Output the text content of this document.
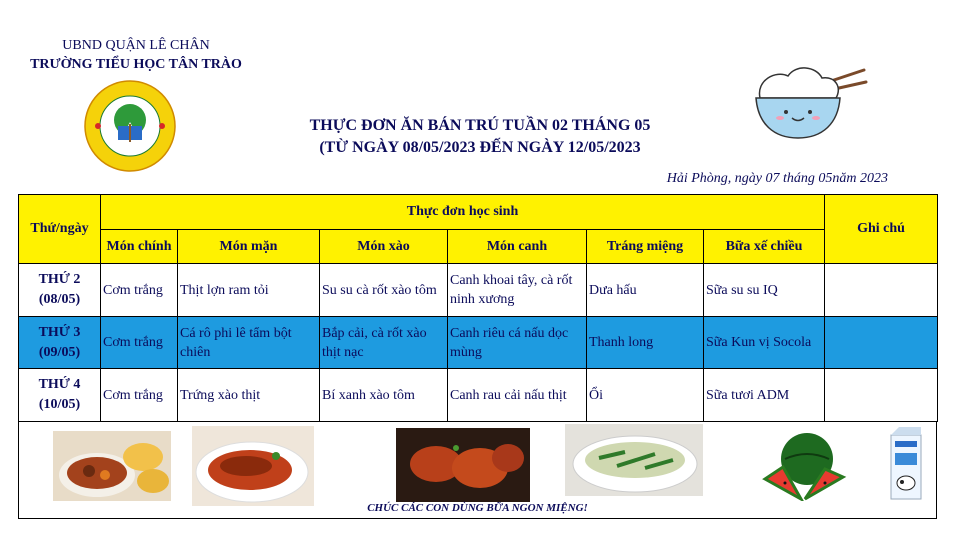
UBND QUẬN LÊ CHÂN
TRƯỜNG TIỂU HỌC TÂN TRÀO
THỰC ĐƠN ĂN BÁN TRÚ TUẦN 02 THÁNG 05
(TỪ NGÀY 08/05/2023 ĐẾN NGÀY 12/05/2023
Hải Phòng, ngày 07 tháng 05năm 2023
Thứ/ngày	Thực đơn học sinh						Ghi chú
	Món chính	Món mặn	Món xào	Món canh	Tráng miệng	Bữa xế chiều	

THỨ 2
(08/05)	Cơm trắng	Thịt lợn ram tỏi	Su su cà rốt xào tôm	Canh khoai tây, cà rốt ninh xương	Dưa hấu	Sữa su su IQ	

THỨ 3
(09/05)	Cơm trắng	Cá rô phi lê tẩm bột chiên	Bắp cải, cà rốt xào thịt nạc	Canh riêu cá nấu dọc mùng	Thanh long	Sữa Kun vị Socola	

THỨ 4
(10/05)	Cơm trắng	Trứng xào thịt	Bí xanh xào tôm	Canh rau cải nấu thịt	Ổi	Sữa tươi ADM	
CHÚC CÁC CON DÙNG BỮA NGON MIỆNG!
